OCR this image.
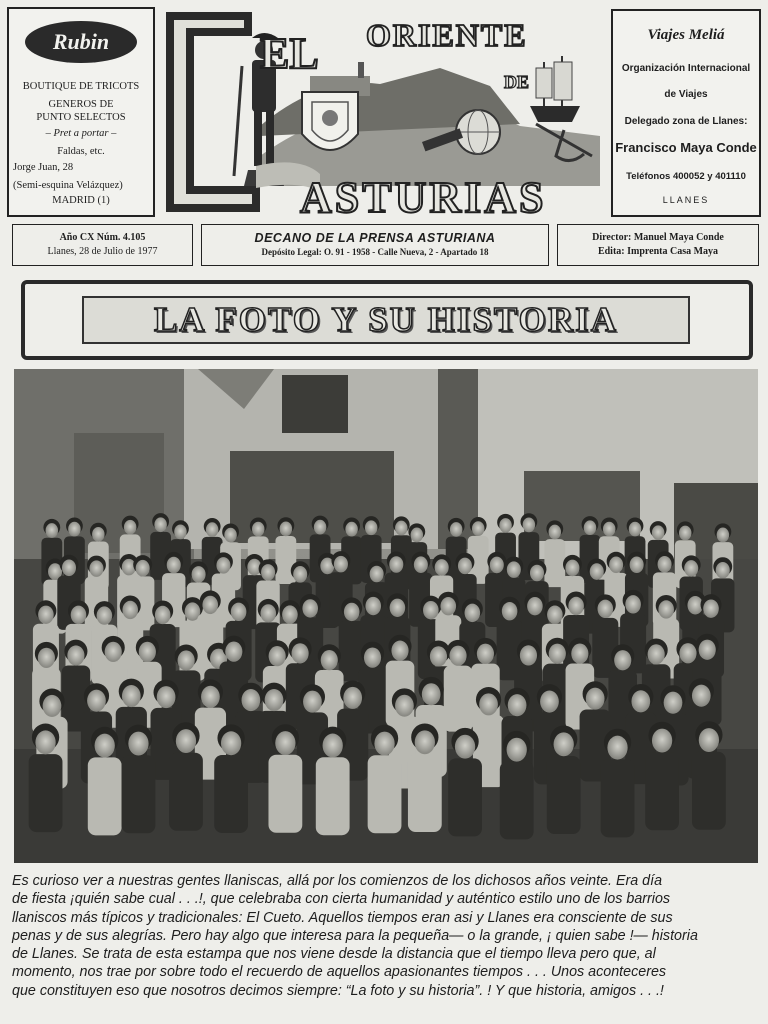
Rubin
BOUTIQUE DE TRICOTS
GENEROS DE
PUNTO SELECTOS
– Pret a portar –
Faldas, etc.
Jorge Juan, 28
(Semi-esquina Velázquez)
MADRID (1)
EL ORIENTE
DE
ASTURIAS
Viajes Meliá
Organización Internacional
de Viajes
Delegado zona de Llanes:
Francisco Maya Conde
Teléfonos 400052 y 401110
LLANES
Año CX Núm. 4.105
Llanes, 28 de Julio de 1977
DECANO DE LA PRENSA ASTURIANA
Depósito Legal: O. 91 - 1958 - Calle Nueva, 2 - Apartado 18
Director: Manuel Maya Conde
Edita: Imprenta Casa Maya
LA FOTO Y SU HISTORIA
Es curioso ver a nuestras gentes llaniscas, allá por los comienzos de los dichosos años veinte. Era día
de fiesta ¡quién sabe cual . . .!, que celebraba con cierta humanidad y auténtico estilo uno de los barrios
llaniscos más típicos y tradicionales: El Cueto. Aquellos tiempos eran asi y Llanes era consciente de sus
penas y de sus alegrías. Pero hay algo que interesa para la pequeña— o la grande, ¡ quien sabe !— historia
de Llanes. Se trata de esta estampa que nos viene desde la distancia que el tiempo lleva pero que, al
momento, nos trae por sobre todo el recuerdo de aquellos apasionantes tiempos . . . Unos aconteceres
que constituyen eso que nosotros decimos siempre: “La foto y su historia”. ! Y que historia, amigos . . .!
